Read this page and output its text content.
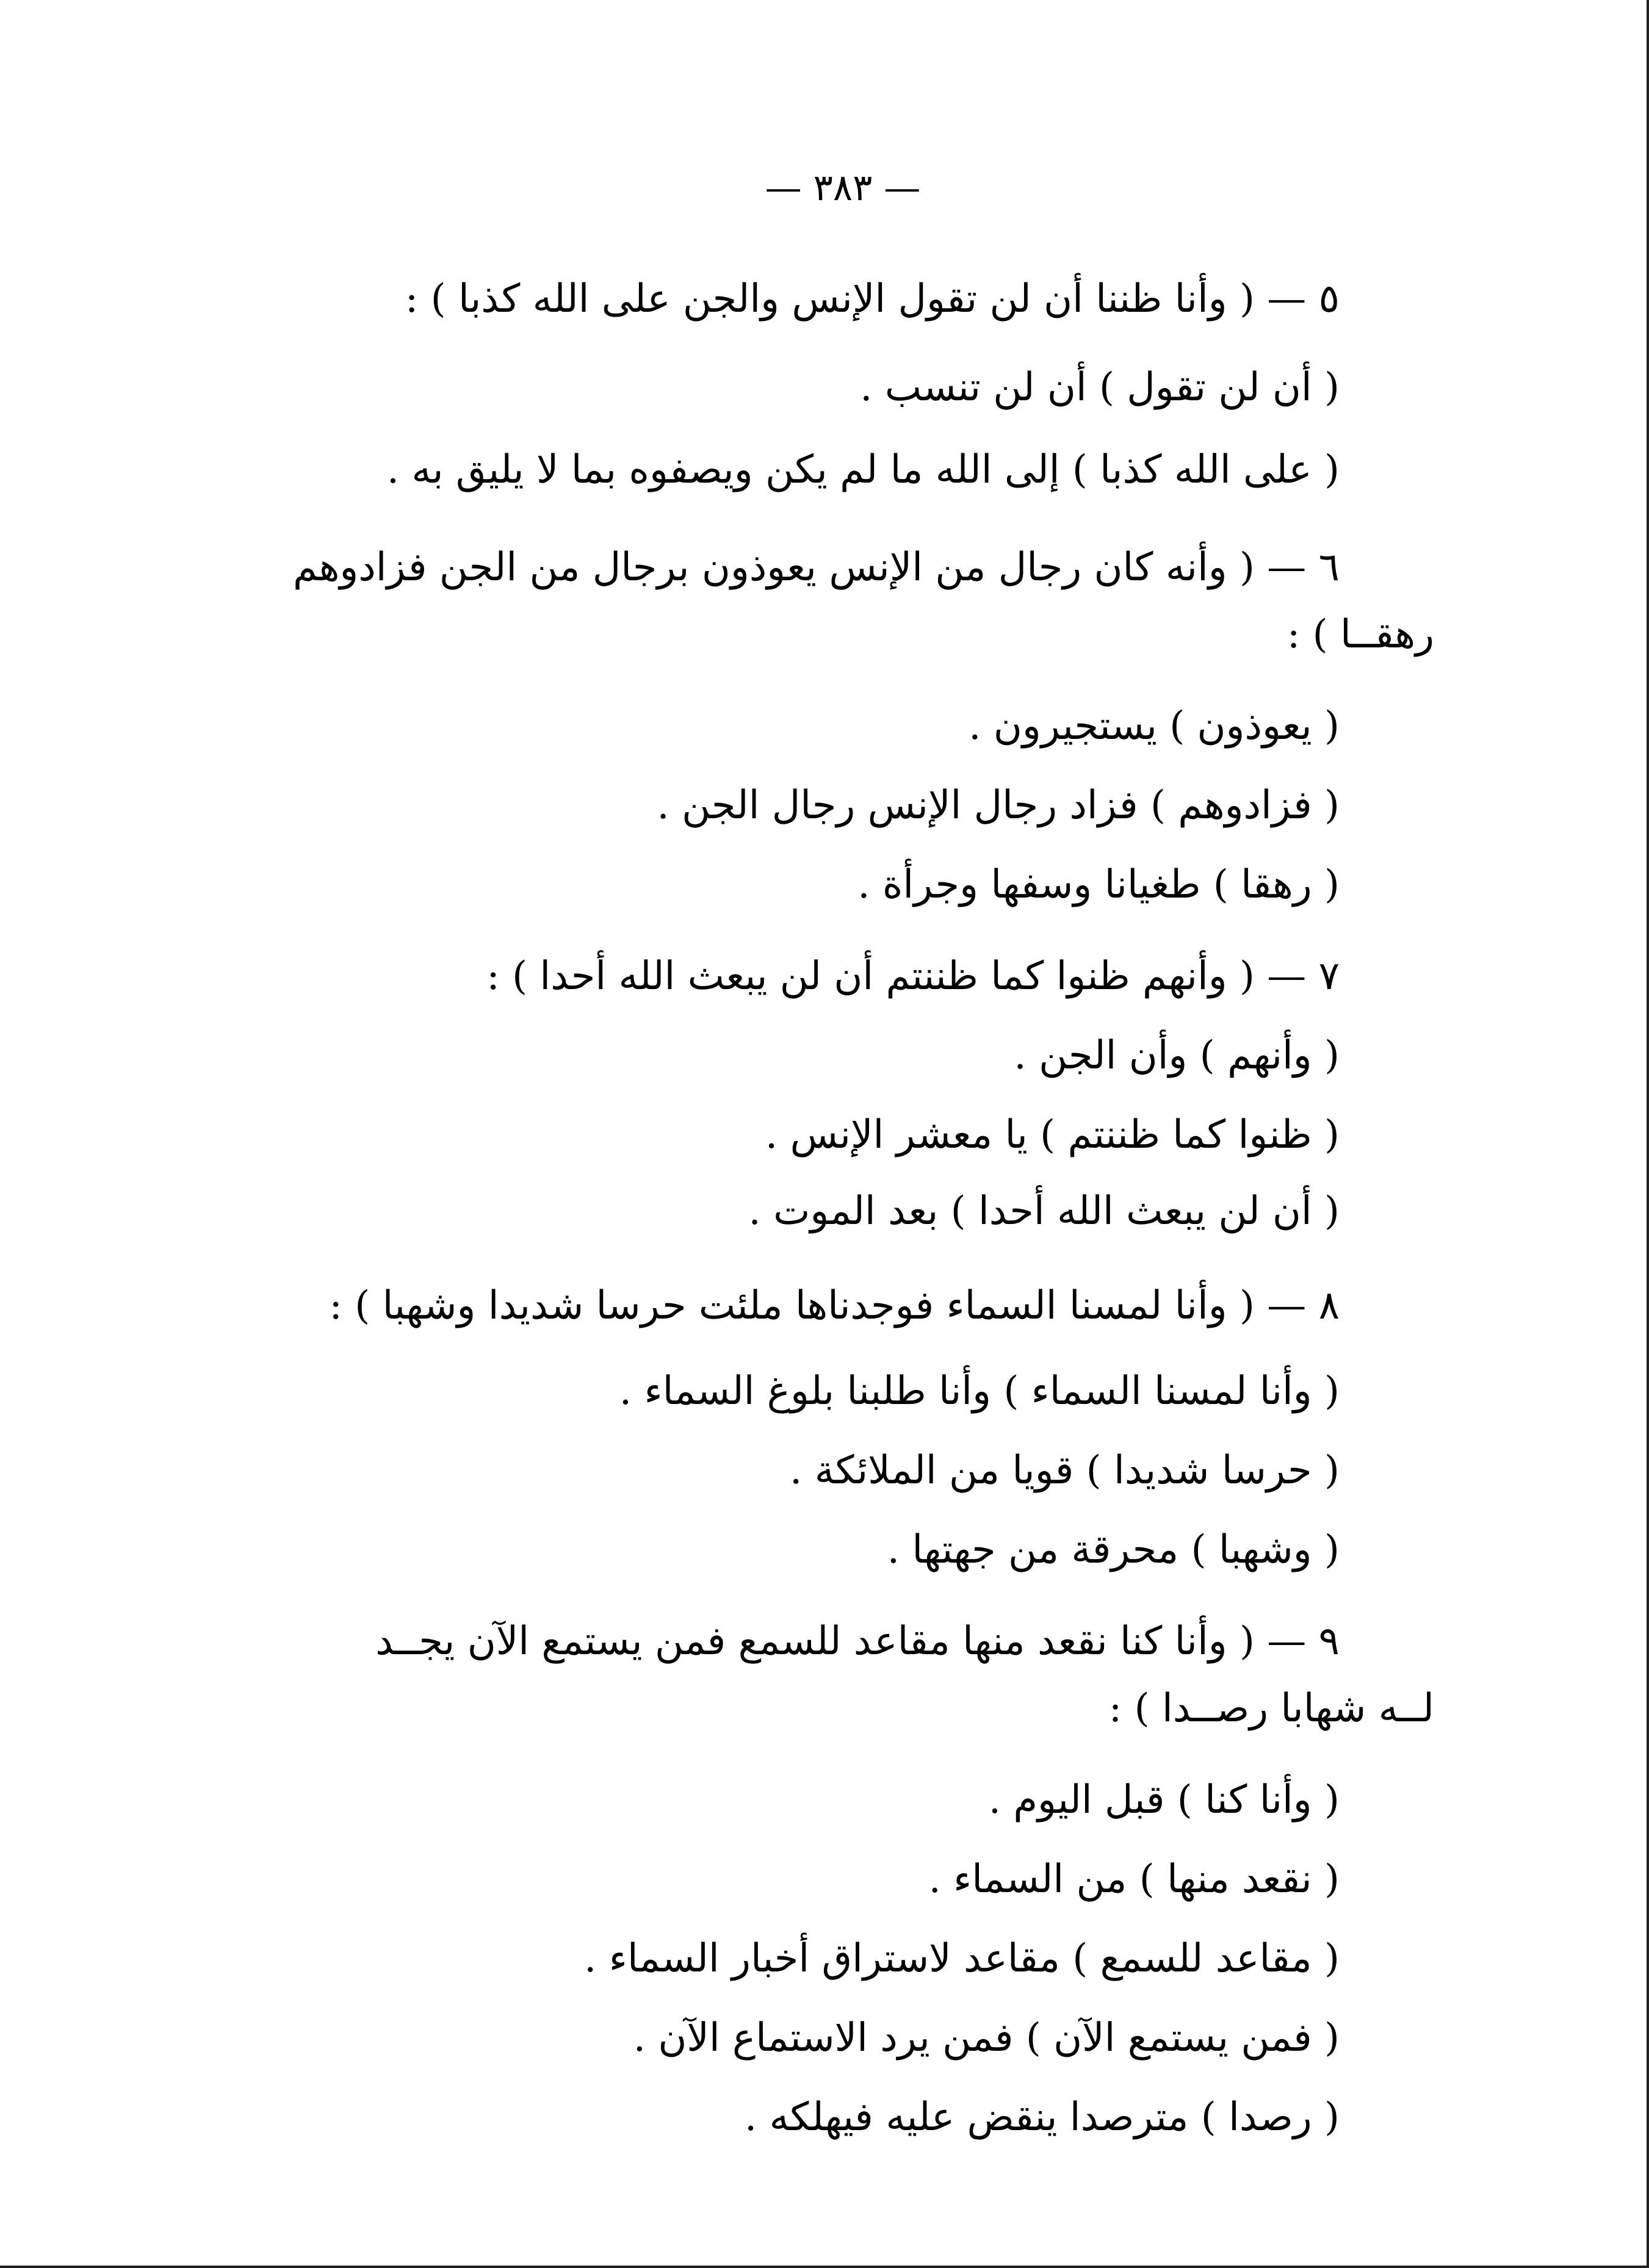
— ٣٨٣ —
٥ — ( وأنا ظننا أن لن تقول الإنس والجن على الله كذبا ) :
( أن لن تقول ) أن لن تنسب .
( على الله كذبا ) إلى الله ما لم يكن ويصفوه بما لا يليق به .
٦ — ( وأنه كان رجال من الإنس يعوذون برجال من الجن فزادوهم
رهقــا ) :
( يعوذون ) يستجيرون .
( فزادوهم ) فزاد رجال الإنس رجال الجن .
( رهقا ) طغيانا وسفها وجرأة .
٧ — ( وأنهم ظنوا كما ظننتم أن لن يبعث الله أحدا ) :
( وأنهم ) وأن الجن .
( ظنوا كما ظننتم ) يا معشر الإنس .
( أن لن يبعث الله أحدا ) بعد الموت .
٨ — ( وأنا لمسنا السماء فوجدناها ملئت حرسا شديدا وشهبا ) :
( وأنا لمسنا السماء ) وأنا طلبنا بلوغ السماء .
( حرسا شديدا ) قويا من الملائكة .
( وشهبا ) محرقة من جهتها .
٩ — ( وأنا كنا نقعد منها مقاعد للسمع فمن يستمع الآن يجــد
لــه شهابا رصــدا ) :
( وأنا كنا ) قبل اليوم .
( نقعد منها ) من السماء .
( مقاعد للسمع ) مقاعد لاستراق أخبار السماء .
( فمن يستمع الآن ) فمن يرد الاستماع الآن .
( رصدا ) مترصدا ينقض عليه فيهلكه .
